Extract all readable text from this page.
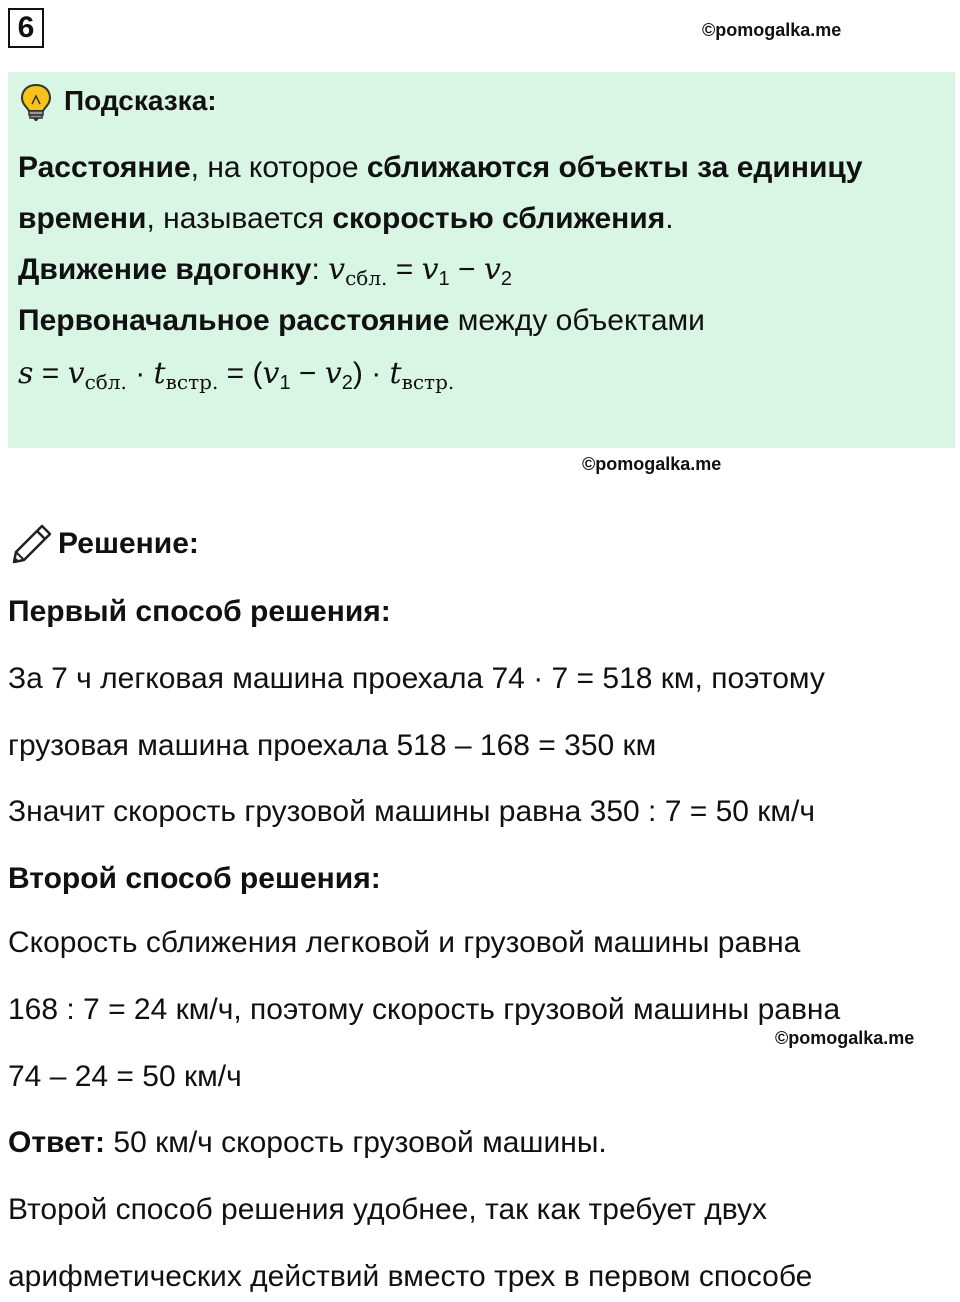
6	©pomogalka.me
Подсказка:
Расстояние, на которое сближаются объекты за единицу
времени, называется скоростью сближения.
Движение вдогонку: $v_{сбл.} = v_1 - v_2$
Первоначальное расстояние между объектами
$s = v_{сбл.} \cdot t_{встр.} = (v_1 - v_2) \cdot t_{встр.}$
©pomogalka.me
Решение:
Первый способ решения:
За 7 ч легковая машина проехала 74 · 7 = 518 км, поэтому
грузовая машина проехала 518 – 168 = 350 км
Значит скорость грузовой машины равна 350 : 7 = 50 км/ч
Второй способ решения:
Скорость сближения легковой и грузовой машины равна
168 : 7 = 24 км/ч, поэтому скорость грузовой машины равна
©pomogalka.me
74 – 24 = 50 км/ч
Ответ: 50 км/ч скорость грузовой машины.
Второй способ решения удобнее, так как требует двух
арифметических действий вместо трех в первом способе
